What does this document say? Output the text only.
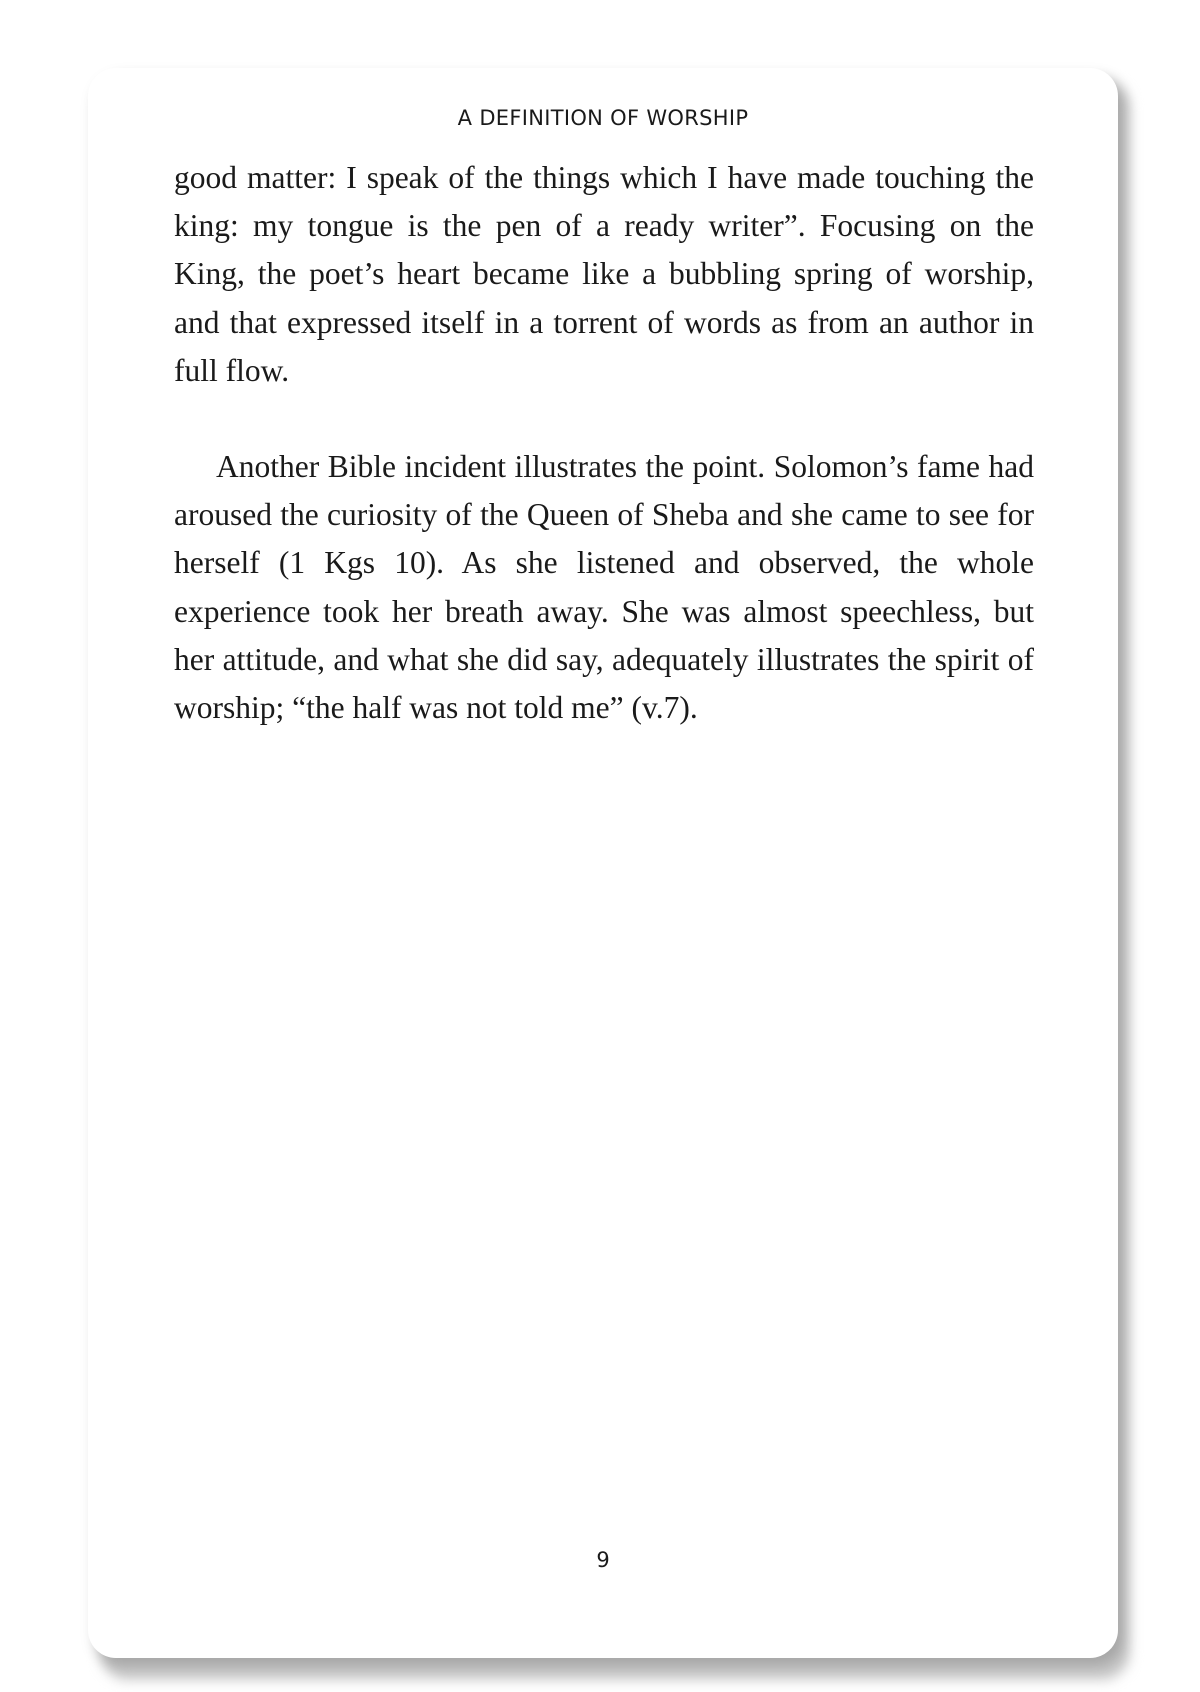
A DEFINITION OF WORSHIP

good matter: I speak of the things which I have made touching the king: my tongue is the pen of a ready writer”. Focusing on the King, the poet’s heart became like a bubbling spring of worship, and that expressed itself in a torrent of words as from an author in full flow.

Another Bible incident illustrates the point. Solomon’s fame had aroused the curiosity of the Queen of Sheba and she came to see for herself (1 Kgs 10). As she listened and observed, the whole experience took her breath away. She was almost speechless, but her attitude, and what she did say, adequately illustrates the spirit of worship; “the half was not told me” (v.7).

9
